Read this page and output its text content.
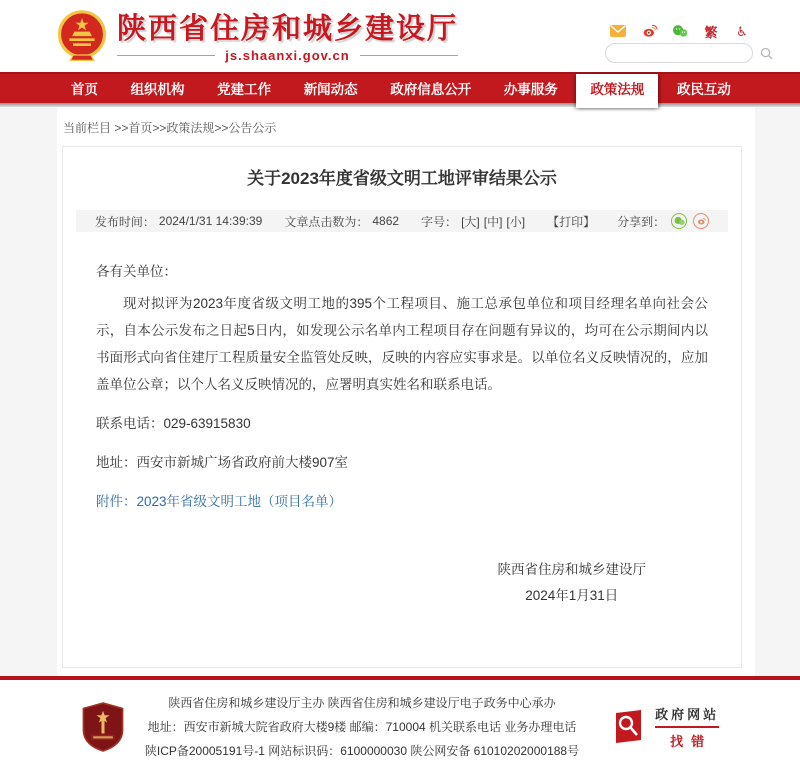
陕西省住房和城乡建设厅
js.shaanxi.gov.cn
繁 ♿
首页	组织机构	党建工作	新闻动态	政府信息公开	办事服务	政策法规	政民互动
当前栏目 >>首页>>政策法规>>公告公示
关于2023年度省级文明工地评审结果公示
发布时间： 2024/1/31 14:39:39 文章点击数为： 4862 字号： [大] [中] [小] 【打印】 分享到：
各有关单位：
现对拟评为2023年度省级文明工地的395个工程项目、施工总承包单位和项目经理名单向社会公示，自本公示发布之日起5日内，如发现公示名单内工程项目存在问题有异议的，均可在公示期间内以书面形式向省住建厅工程质量安全监管处反映，反映的内容应实事求是。以单位名义反映情况的，应加盖单位公章；以个人名义反映情况的，应署明真实姓名和联系电话。
联系电话：029-63915830
地址：西安市新城广场省政府前大楼907室
附件：2023年省级文明工地（项目名单）
陕西省住房和城乡建设厅
2024年1月31日
陕西省住房和城乡建设厅主办 陕西省住房和城乡建设厅电子政务中心承办
地址：西安市新城大院省政府大楼9楼 邮编：710004 机关联系电话 业务办理电话
陕ICP备20005191号-1 网站标识码：6100000030 陕公网安备 61010202000188号
政府网站
找错
